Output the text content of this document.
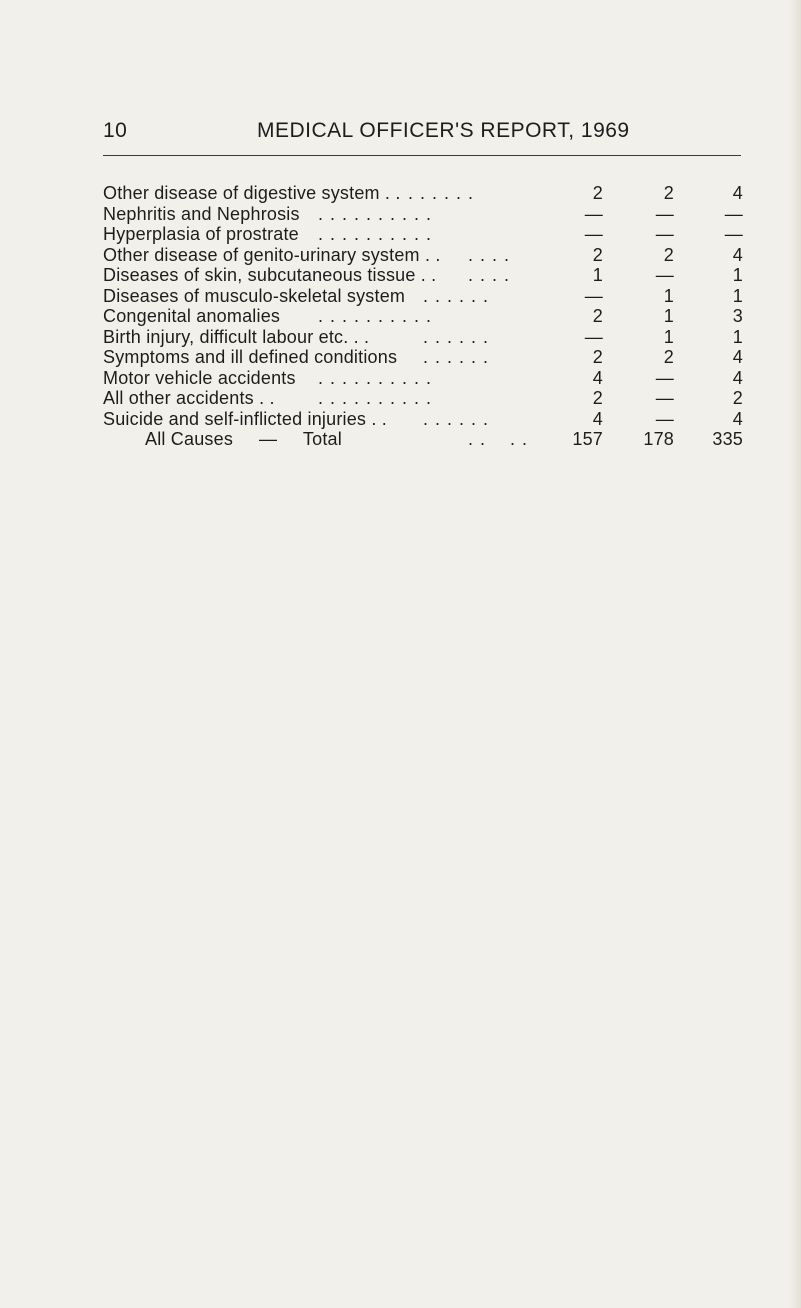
10	MEDICAL OFFICER'S REPORT, 1969
Other disease of digestive system . . . . . . . .	2	2	4
Nephritis and Nephrosis . . . . . . . . . .	—	—	—
Hyperplasia of prostrate . . . . . . . . . .	—	—	—
Other disease of genito-urinary system . . . . . .	2	2	4
Diseases of skin, subcutaneous tissue . . . . . .	1	—	1
Diseases of musculo-skeletal system . . . . . .	—	1	1
Congenital anomalies . . . . . . . . . .	2	1	3
Birth injury, difficult labour etc. . .	. . . . . .	—	1	1
Symptoms and ill defined conditions . . . . . .	2	2	4
Motor vehicle accidents . . . . . . . . . .	4	—	4
All other accidents . . . . . . . . . . . .	2	—	2
Suicide and self-inflicted injuries . . . . . . . .	4	—	4
All Causes     —     Total	. .    . .	157	178	335
